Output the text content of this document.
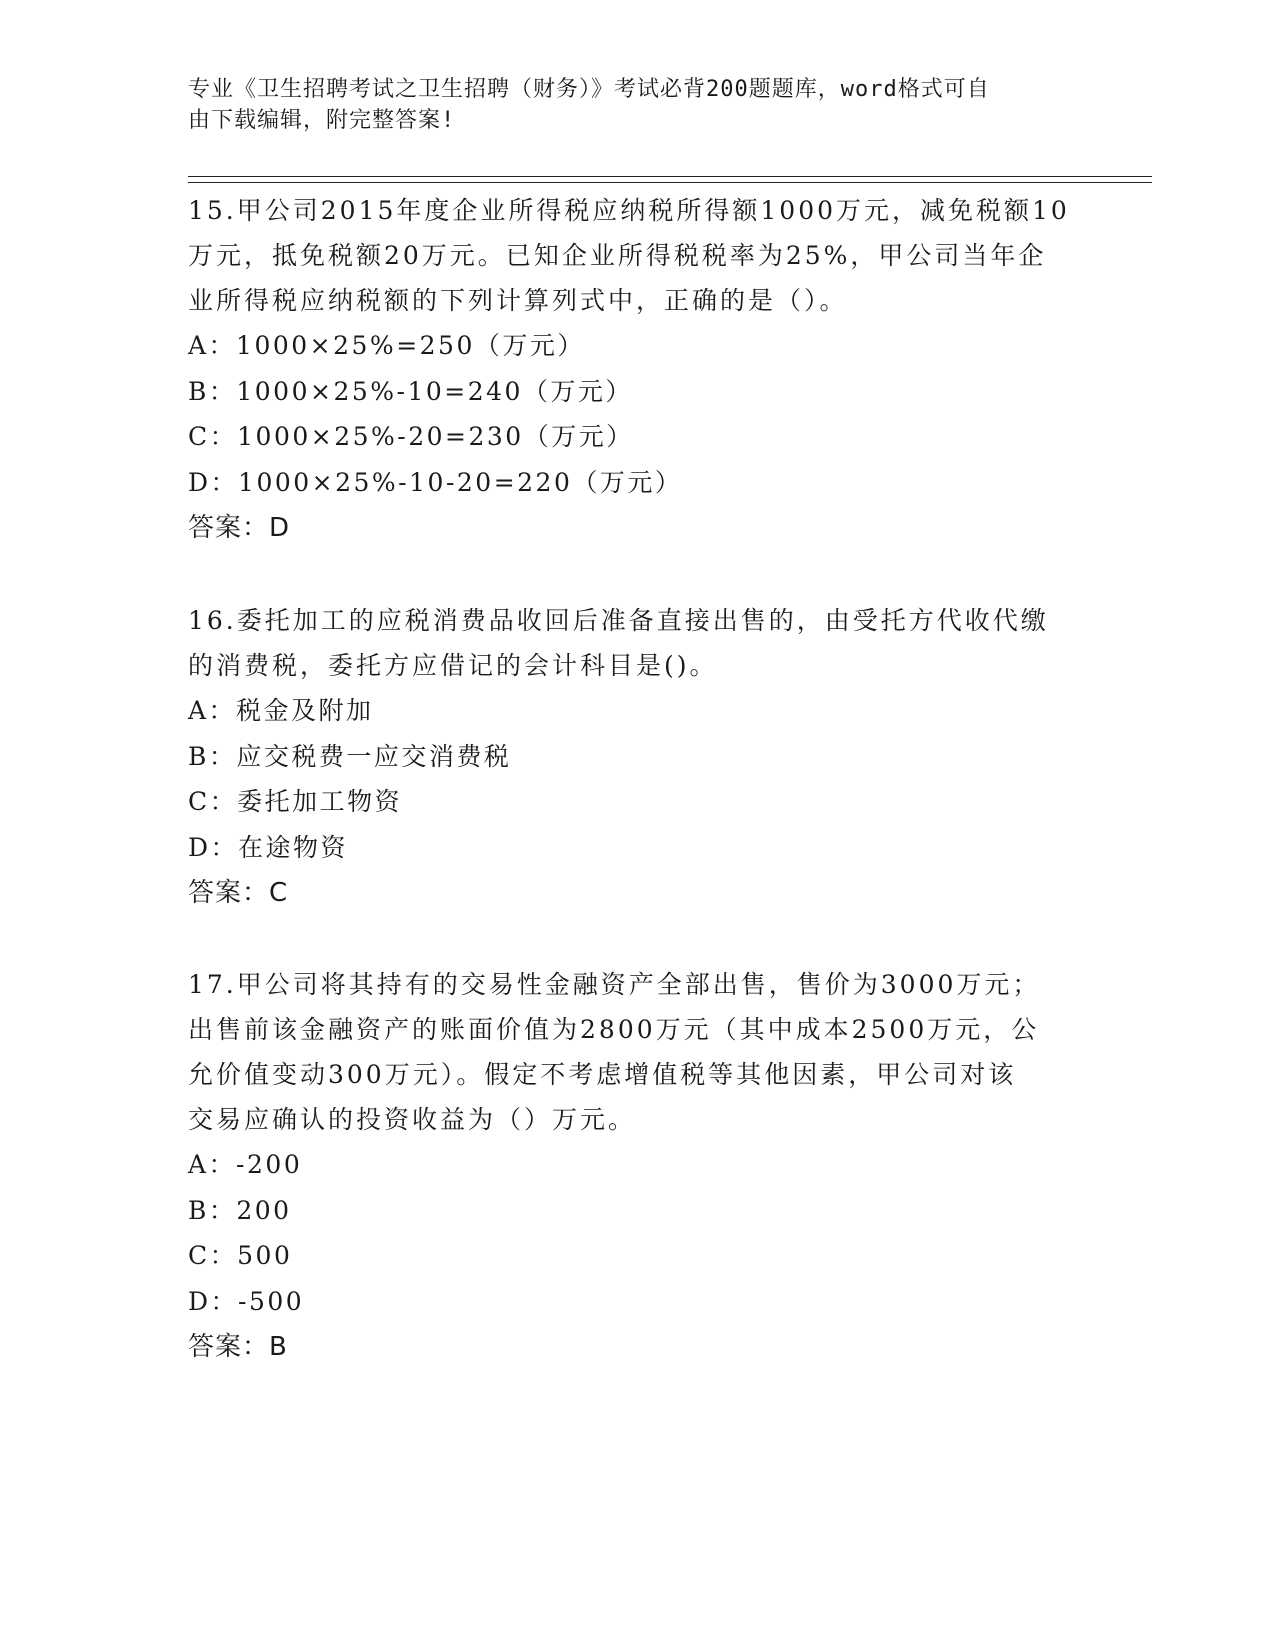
专业《卫生招聘考试之卫生招聘（财务）》考试必背200题题库，word格式可自
由下载编辑，附完整答案!
15.甲公司2015年度企业所得税应纳税所得额1000万元，减免税额10
万元，抵免税额20万元。已知企业所得税税率为25%，甲公司当年企
业所得税应纳税额的下列计算列式中，正确的是（）。
A：1000×25%=250（万元）
B：1000×25%-10=240（万元）
C：1000×25%-20=230（万元）
D：1000×25%-10-20=220（万元）
答案：D
16.委托加工的应税消费品收回后准备直接出售的，由受托方代收代缴
的消费税，委托方应借记的会计科目是()。
A：税金及附加
B：应交税费一应交消费税
C：委托加工物资
D：在途物资
答案：C
17.甲公司将其持有的交易性金融资产全部出售，售价为3000万元；
出售前该金融资产的账面价值为2800万元（其中成本2500万元，公
允价值变动300万元）。假定不考虑增值税等其他因素，甲公司对该
交易应确认的投资收益为（）万元。
A：-200
B：200
C：500
D：-500
答案：B
